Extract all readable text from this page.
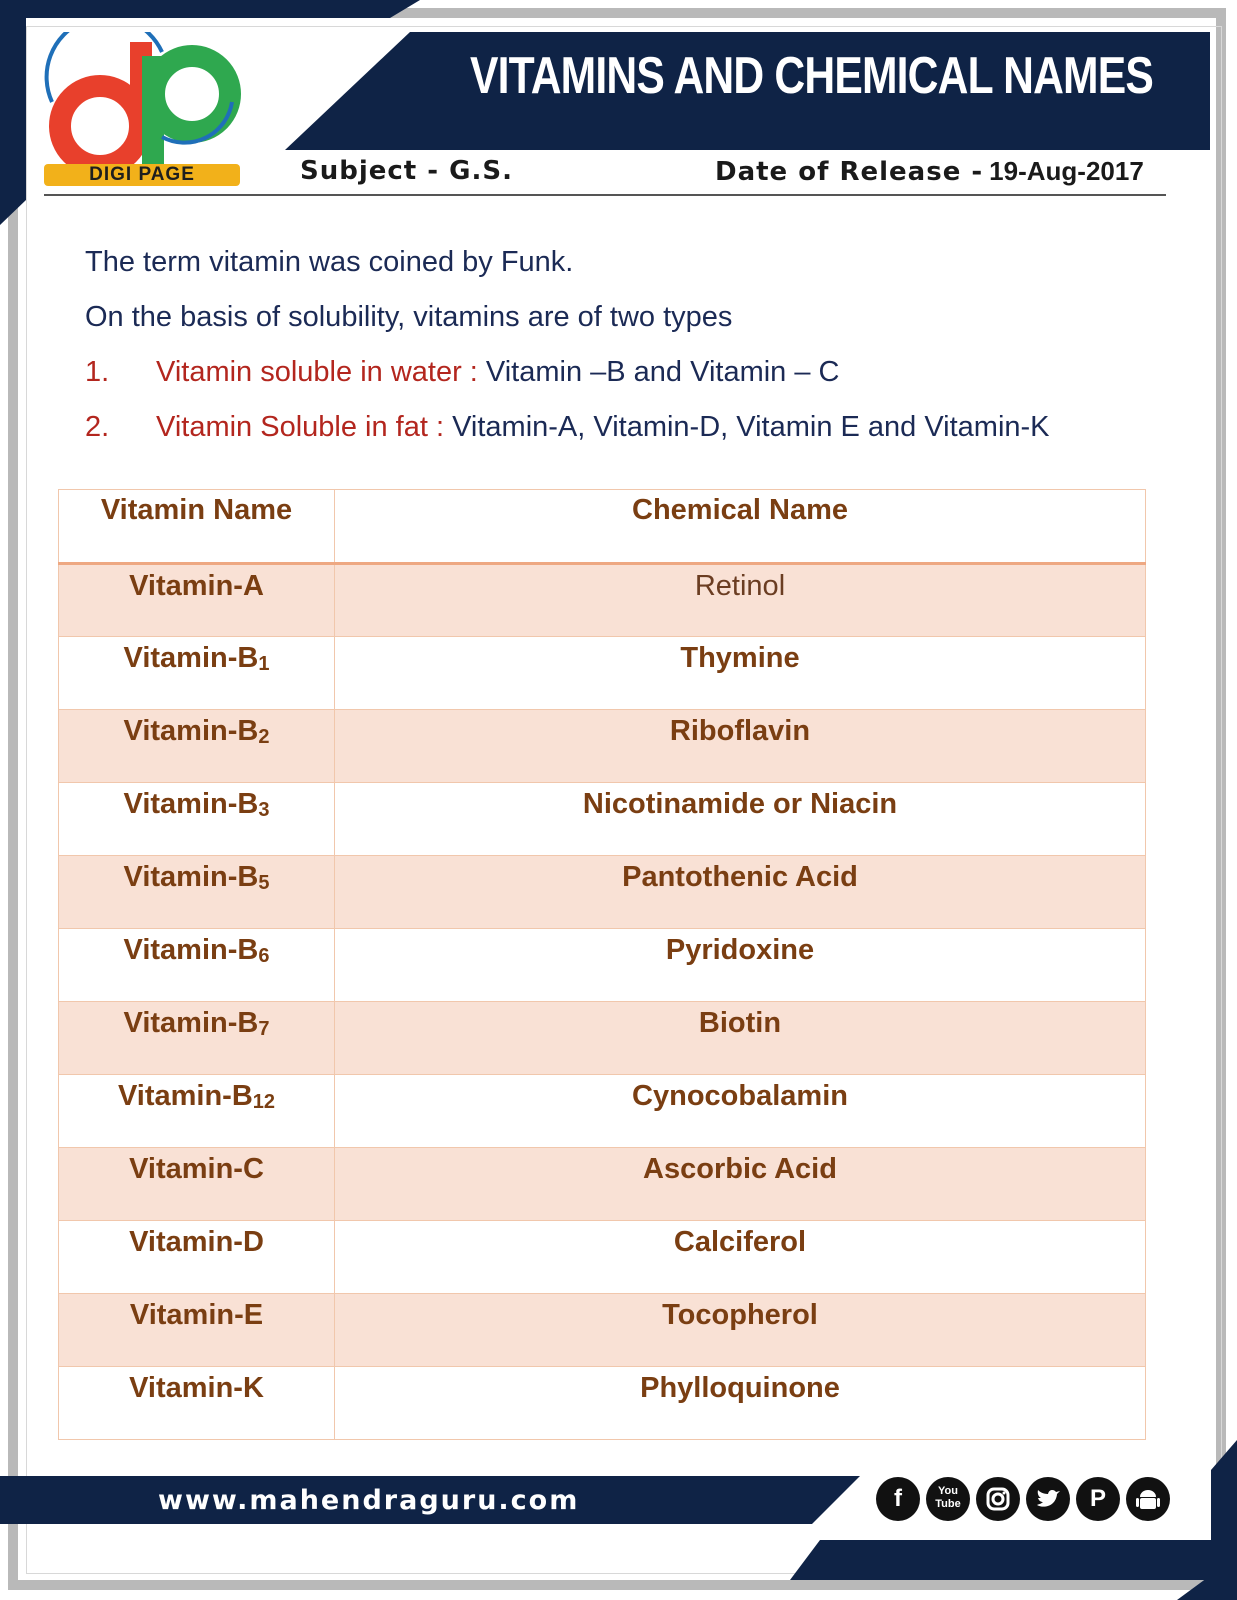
VITAMINS AND CHEMICAL NAMES
DIGI PAGE	Subject - G.S.	Date of Release - 19-Aug-2017
The term vitamin was coined by Funk.
On the basis of solubility, vitamins are of two types
1. Vitamin soluble in water : Vitamin –B and Vitamin – C
2. Vitamin Soluble in fat : Vitamin-A, Vitamin-D, Vitamin E and Vitamin-K
Vitamin Name	Chemical Name
Vitamin-A	Retinol
Vitamin-B1	Thymine
Vitamin-B2	Riboflavin
Vitamin-B3	Nicotinamide or Niacin
Vitamin-B5	Pantothenic Acid
Vitamin-B6	Pyridoxine
Vitamin-B7	Biotin
Vitamin-B12	Cynocobalamin
Vitamin-C	Ascorbic Acid
Vitamin-D	Calciferol
Vitamin-E	Tocopherol
Vitamin-K	Phylloquinone
www.mahendraguru.com	f	You Tube	P
